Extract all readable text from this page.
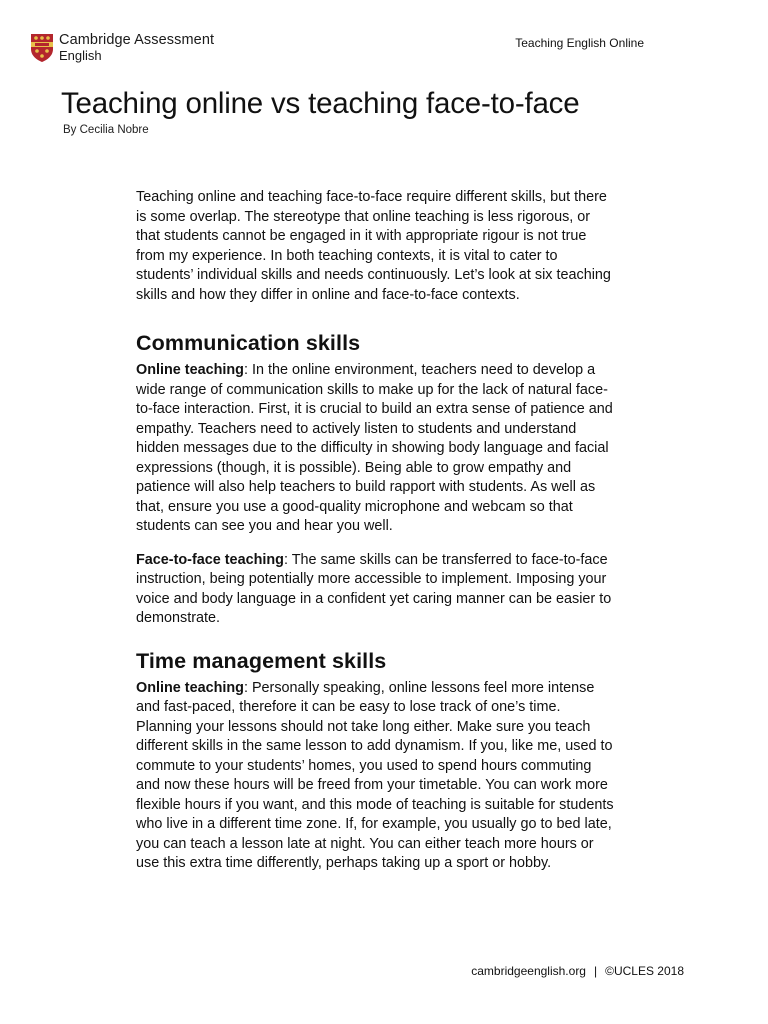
Cambridge Assessment
English
Teaching English Online
Teaching online vs teaching face-to-face
By Cecilia Nobre

Teaching online and teaching face-to-face require different skills, but there is some overlap. The stereotype that online teaching is less rigorous, or that students cannot be engaged in it with appropriate rigour is not true from my experience. In both teaching contexts, it is vital to cater to students’ individual skills and needs continuously. Let’s look at six teaching skills and how they differ in online and face-to-face contexts.

Communication skills

Online teaching: In the online environment, teachers need to develop a wide range of communication skills to make up for the lack of natural face-to-face interaction. First, it is crucial to build an extra sense of patience and empathy. Teachers need to actively listen to students and understand hidden messages due to the difficulty in showing body language and facial expressions (though, it is possible). Being able to grow empathy and patience will also help teachers to build rapport with students. As well as that, ensure you use a good-quality microphone and webcam so that students can see you and hear you well.

Face-to-face teaching: The same skills can be transferred to face-to-face instruction, being potentially more accessible to implement. Imposing your voice and body language in a confident yet caring manner can be easier to demonstrate.

Time management skills

Online teaching: Personally speaking, online lessons feel more intense and fast-paced, therefore it can be easy to lose track of one’s time. Planning your lessons should not take long either. Make sure you teach different skills in the same lesson to add dynamism. If you, like me, used to commute to your students’ homes, you used to spend hours commuting and now these hours will be freed from your timetable. You can work more flexible hours if you want, and this mode of teaching is suitable for students who live in a different time zone. If, for example, you usually go to bed late, you can teach a lesson late at night. You can either teach more hours or use this extra time differently, perhaps taking up a sport or hobby.

cambridgeenglish.org | ©UCLES 2018
